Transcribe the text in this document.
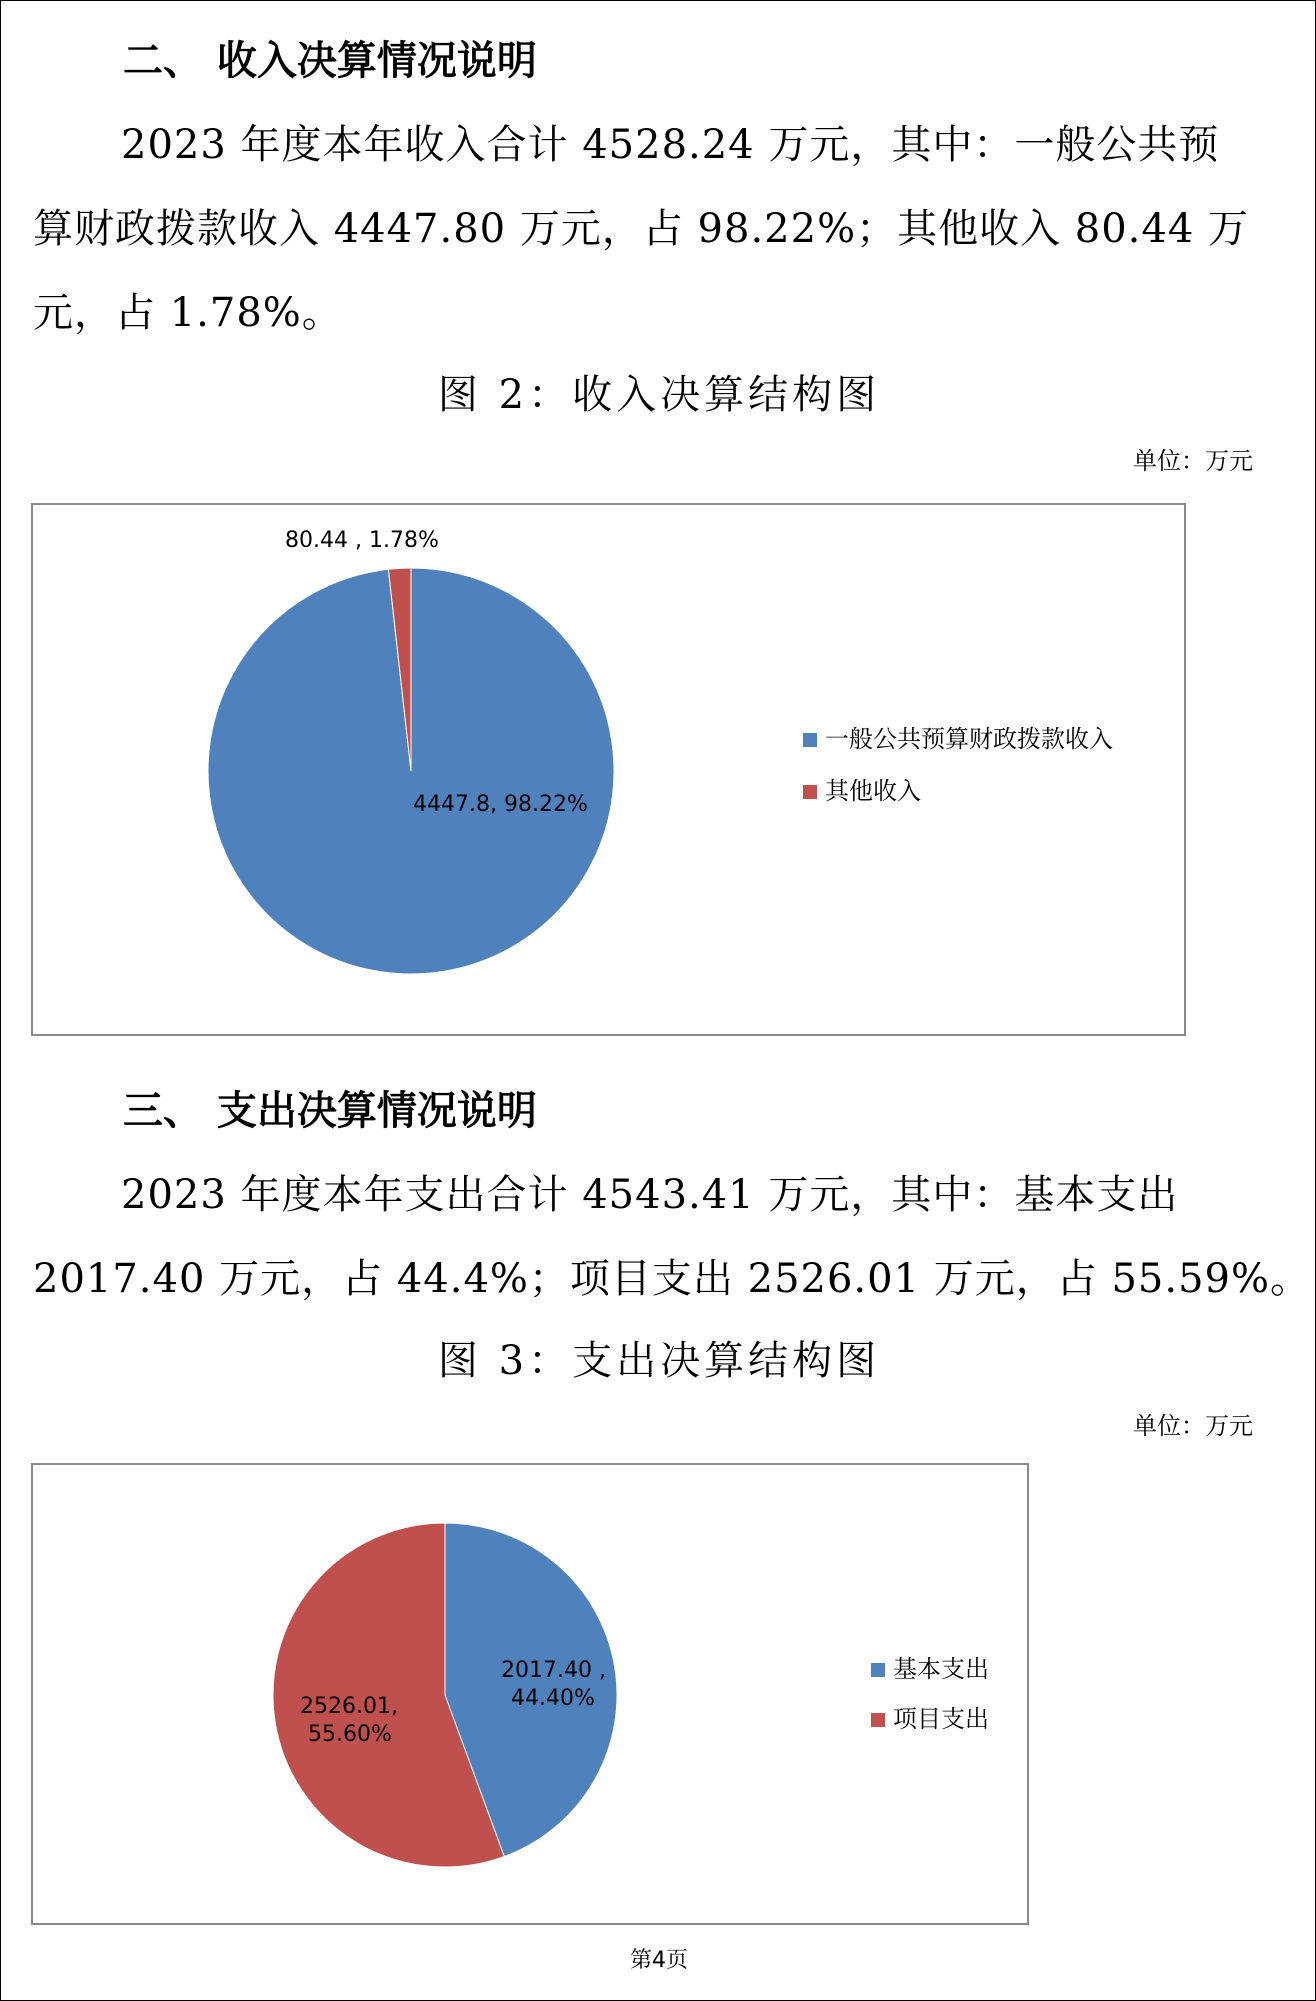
二、 收入决算情况说明
2023 年度本年收入合计 4528.24 万元，其中：一般公共预
算财政拨款收入 4447.80 万元，占 98.22%；其他收入 80.44 万
元，占 1.78%。
图 2：收入决算结构图
单位：万元
4447.8, 98.22%
80.44 , 1.78%
一般公共预算财政拨款收入
其他收入
三、 支出决算情况说明
2023 年度本年支出合计 4543.41 万元，其中：基本支出
2017.40 万元，占 44.4%；项目支出 2526.01 万元，占 55.59%。
图 3：支出决算结构图
单位：万元
2017.40 , 44.40%
2526.01, 55.60%
基本支出
项目支出
第4页
